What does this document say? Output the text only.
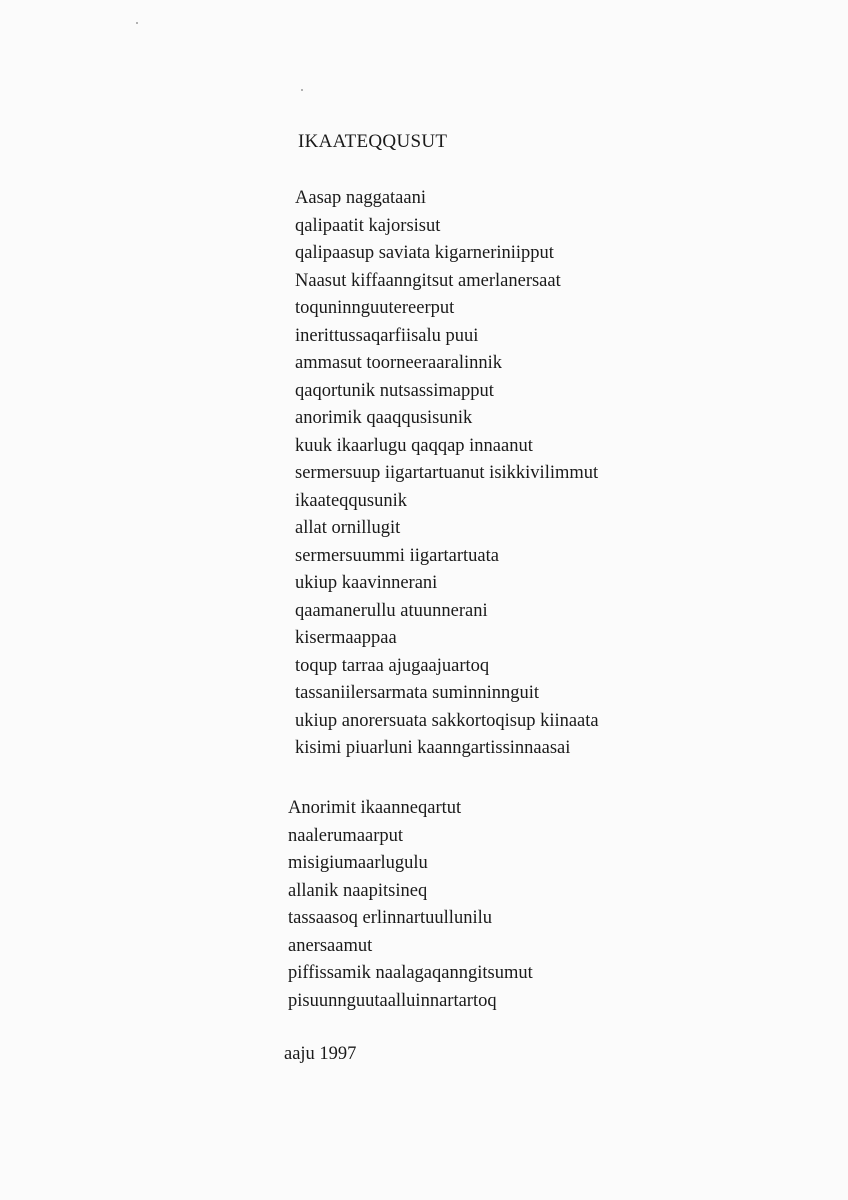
IKAATEQQUSUT
Aasap naggataani
qalipaatit kajorsisut
qalipaasup saviata kigarneriniipput
Naasut kiffaanngitsut amerlanersaat
toquninnguutereerput
inerittussaqarfiisalu puui
ammasut toorneeraaralinnik
qaqortunik nutsassimapput
anorimik qaaqqusisunik
kuuk ikaarlugu qaqqap innaanut
sermersuup iigartartuanut isikkivilimmut
ikaateqqusunik
allat ornillugit
sermersuummi iigartartuata
ukiup kaavinnerani
qaamanerullu atuunnerani
kisermaappaa
toqup tarraa ajugaajuartoq
tassaniilersarmata suminninnguit
ukiup anorersuata sakkortoqisup kiinaata
kisimi piuarluni kaanngartissinnaasai
Anorimit ikaanneqartut
naalerumaarput
misigiumaarlugulu
allanik naapitsineq
tassaasoq erlinnartuullunilu
anersaamut
piffissamik naalagaqanngitsumut
pisuunnguutaalluinnartartoq

aaju 1997
